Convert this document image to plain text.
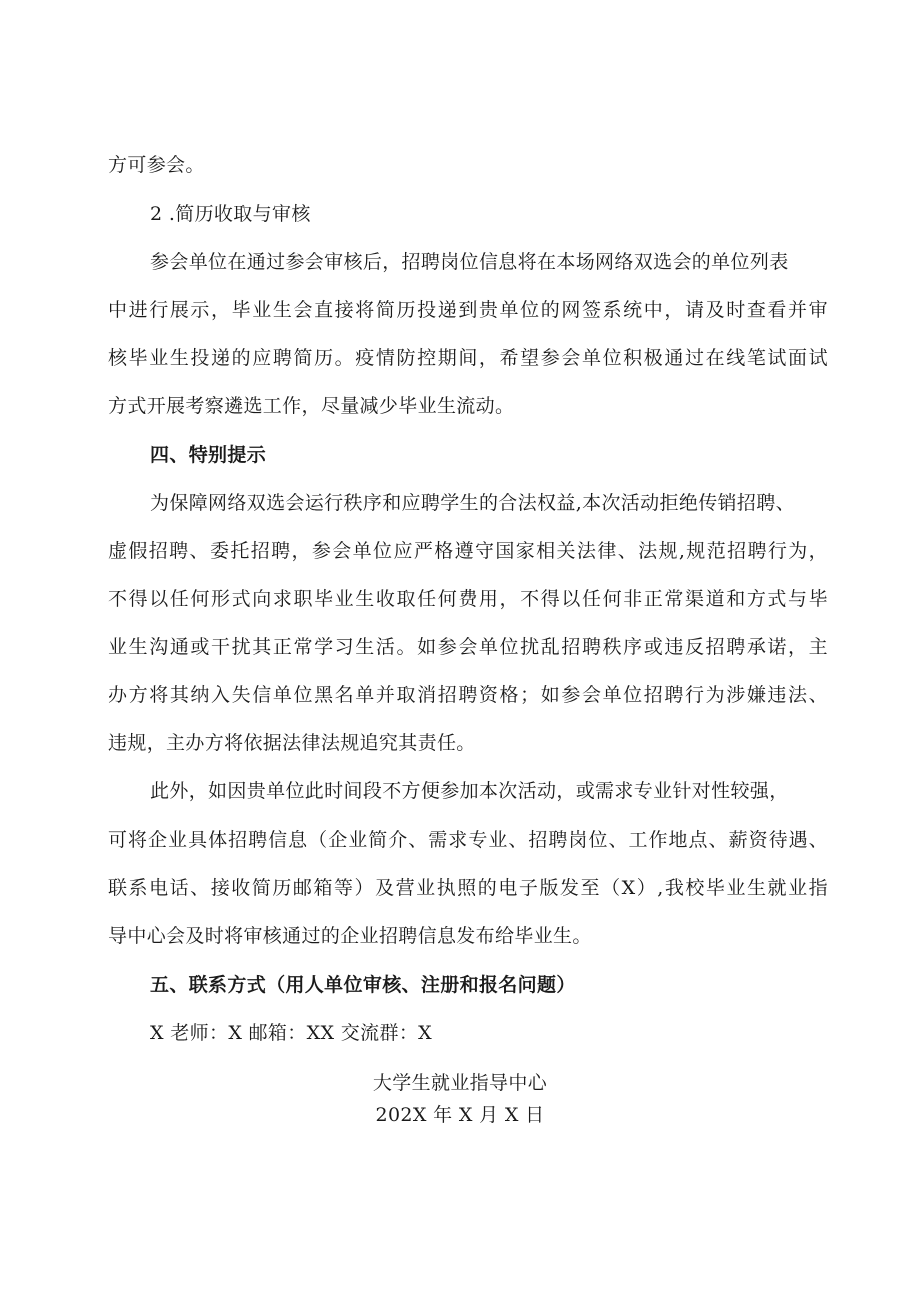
方可参会。
2 .简历收取与审核
参会单位在通过参会审核后，招聘岗位信息将在本场网络双选会的单位列表
中进行展示，毕业生会直接将简历投递到贵单位的网签系统中，请及时查看并审
核毕业生投递的应聘简历。疫情防控期间，希望参会单位积极通过在线笔试面试
方式开展考察遴选工作，尽量减少毕业生流动。
四、特别提示
为保障网络双选会运行秩序和应聘学生的合法权益,本次活动拒绝传销招聘、
虚假招聘、委托招聘，参会单位应严格遵守国家相关法律、法规,规范招聘行为，
不得以任何形式向求职毕业生收取任何费用，不得以任何非正常渠道和方式与毕
业生沟通或干扰其正常学习生活。如参会单位扰乱招聘秩序或违反招聘承诺，主
办方将其纳入失信单位黑名单并取消招聘资格；如参会单位招聘行为涉嫌违法、
违规，主办方将依据法律法规追究其责任。
此外，如因贵单位此时间段不方便参加本次活动，或需求专业针对性较强，
可将企业具体招聘信息（企业简介、需求专业、招聘岗位、工作地点、薪资待遇、
联系电话、接收简历邮箱等）及营业执照的电子版发至（X）,我校毕业生就业指
导中心会及时将审核通过的企业招聘信息发布给毕业生。
五、联系方式（用人单位审核、注册和报名问题）
X 老师：X 邮箱：XX 交流群：X
大学生就业指导中心
202X 年 X 月 X 日
